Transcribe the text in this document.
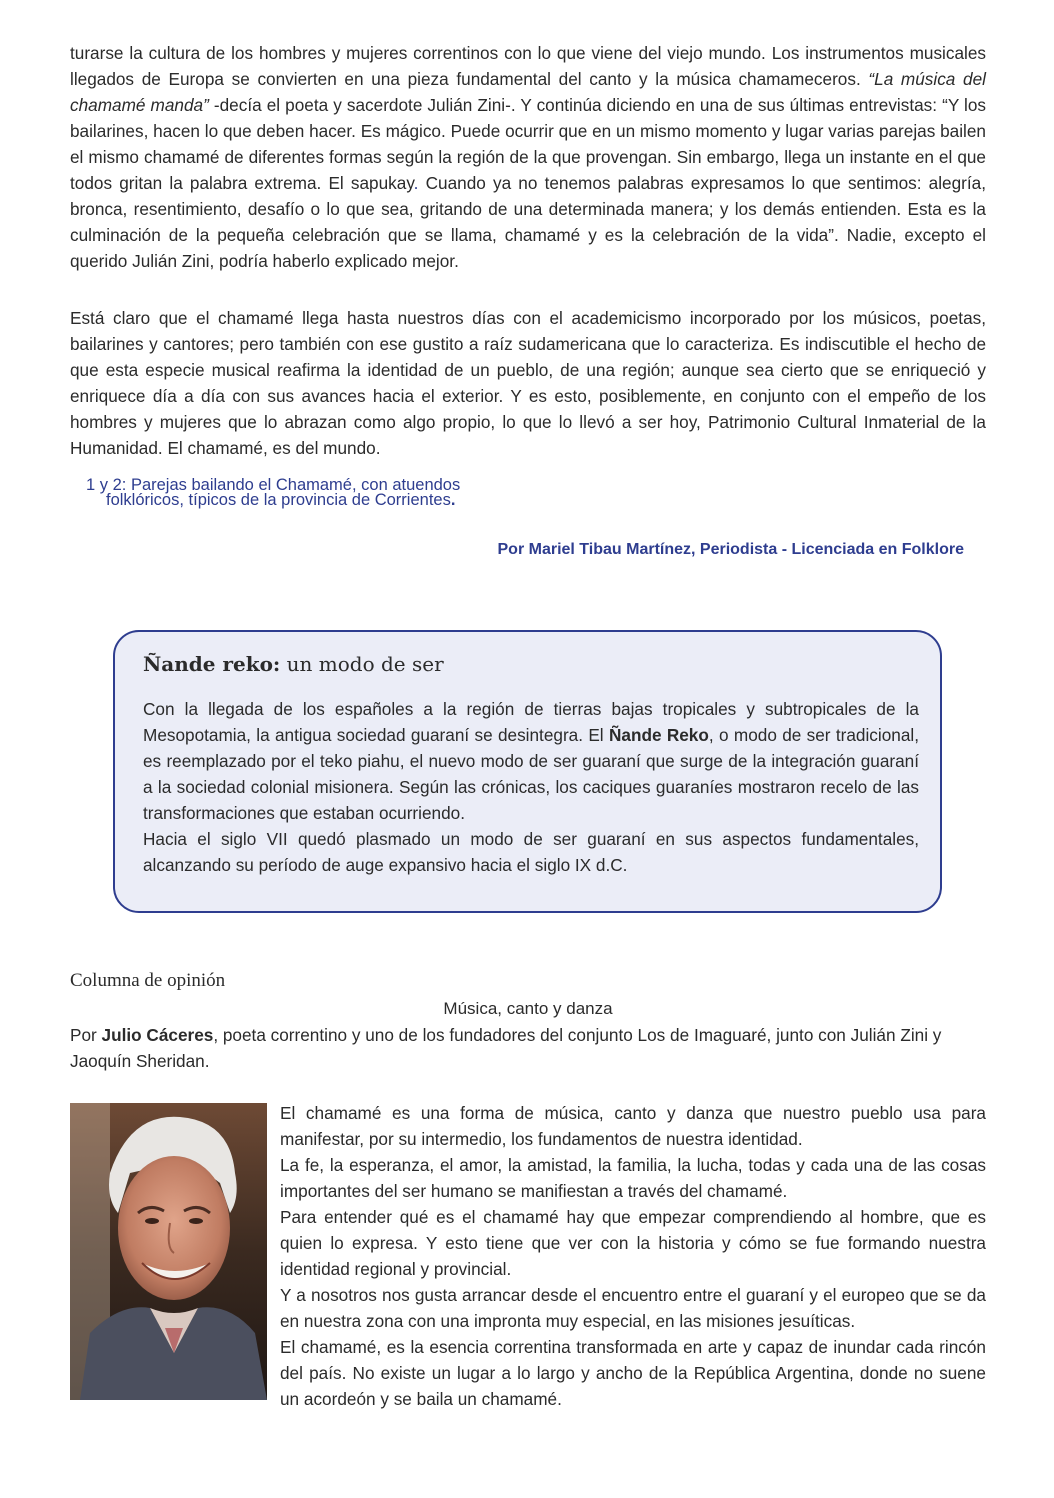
turarse la cultura de los hombres y mujeres correntinos con lo que viene del viejo mundo. Los instrumentos musicales llegados de Europa se convierten en una pieza fundamental del canto y la música chamameceros. “La música del chamamé manda” -decía el poeta y sacerdote Julián Zini-. Y continúa diciendo en una de sus últimas entrevistas: “Y los bailarines, hacen lo que deben hacer. Es mágico. Puede ocurrir que en un mismo momento y lugar varias parejas bailen el mismo chamamé de diferentes formas según la región de la que provengan. Sin embargo, llega un instante en el que todos gritan la palabra extrema. El sapukay. Cuando ya no tenemos palabras expresamos lo que sentimos: alegría, bronca, resentimiento, desafío o lo que sea, gritando de una determinada manera; y los demás entienden. Esta es la culminación de la pequeña celebración que se llama, chamamé y es la celebración de la vida”. Nadie, excepto el querido Julián Zini, podría haberlo explicado mejor.

Está claro que el chamamé llega hasta nuestros días con el academicismo incorporado por los músicos, poetas, bailarines y cantores; pero también con ese gustito a raíz sudamericana que lo caracteriza. Es indiscutible el hecho de que esta especie musical reafirma la identidad de un pueblo, de una región; aunque sea cierto que se enriqueció y enriquece día a día con sus avances hacia el exterior. Y es esto, posiblemente, en conjunto con el empeño de los hombres y mujeres que lo abrazan como algo propio, lo que lo llevó a ser hoy, Patrimonio Cultural Inmaterial de la Humanidad. El chamamé, es del mundo.

1 y 2: Parejas bailando el Chamamé, con atuendos
folklóricos, típicos de la provincia de Corrientes.

Por Mariel Tibau Martínez, Periodista - Licenciada en Folklore

Ñande reko: un modo de ser

Con la llegada de los españoles a la región de tierras bajas tropicales y subtropicales de la Mesopotamia, la antigua sociedad guaraní se desintegra. El Ñande Reko, o modo de ser tradicional, es reemplazado por el teko piahu, el nuevo modo de ser guaraní que surge de la integración guaraní a la sociedad colonial misionera. Según las crónicas, los caciques guaraníes mostraron recelo de las transformaciones que estaban ocurriendo.
Hacia el siglo VII quedó plasmado un modo de ser guaraní en sus aspectos fundamentales, alcanzando su período de auge expansivo hacia el siglo IX d.C.

Columna de opinión

Música, canto y danza

Por Julio Cáceres, poeta correntino y uno de los fundadores del conjunto Los de Imaguaré, junto con Julián Zini y Jaoquín Sheridan.

El chamamé es una forma de música, canto y danza que nuestro pueblo usa para manifestar, por su intermedio, los fundamentos de nuestra identidad.
La fe, la esperanza, el amor, la amistad, la familia, la lucha, todas y cada una de las cosas importantes del ser humano se manifiestan a través del chamamé.
Para entender qué es el chamamé hay que empezar comprendiendo al hombre, que es quien lo expresa. Y esto tiene que ver con la historia y cómo se fue formando nuestra identidad regional y provincial.
Y a nosotros nos gusta arrancar desde el encuentro entre el guaraní y el europeo que se da en nuestra zona con una impronta muy especial, en las misiones jesuíticas.
El chamamé, es la esencia correntina transformada en arte y capaz de inundar cada rincón del país. No existe un lugar a lo largo y ancho de la República Argentina, donde no suene un acordeón y se baila un chamamé.
